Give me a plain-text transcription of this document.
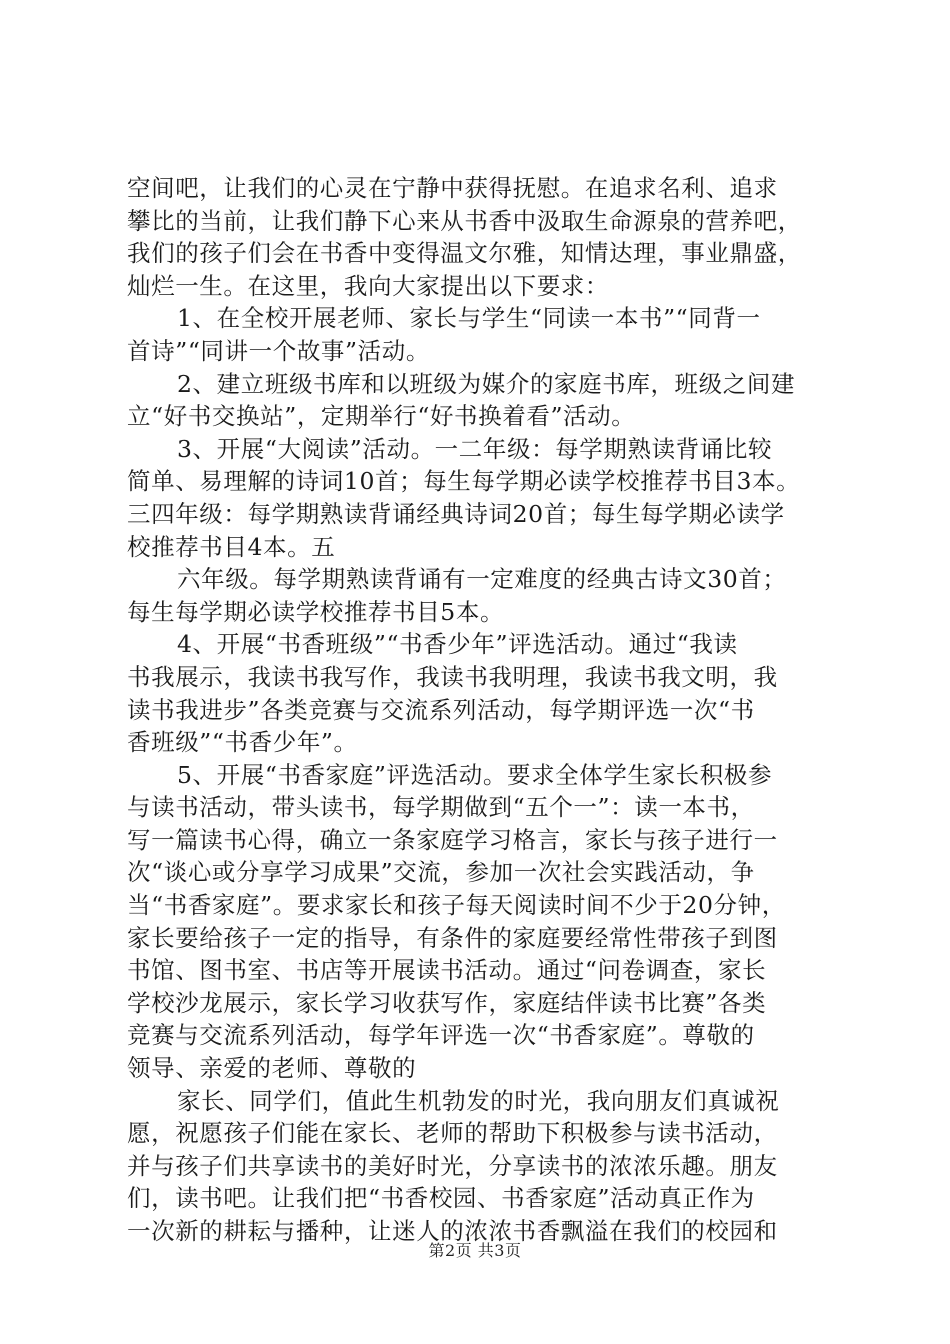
空间吧，让我们的心灵在宁静中获得抚慰。在追求名利、追求
攀比的当前，让我们静下心来从书香中汲取生命源泉的营养吧，
我们的孩子们会在书香中变得温文尔雅，知情达理，事业鼎盛，
灿烂一生。在这里，我向大家提出以下要求：
1、在全校开展老师、家长与学生“同读一本书”“同背一
首诗”“同讲一个故事”活动。
2、建立班级书库和以班级为媒介的家庭书库，班级之间建
立“好书交换站”，定期举行“好书换着看”活动。
3、开展“大阅读”活动。一二年级：每学期熟读背诵比较
简单、易理解的诗词10首；每生每学期必读学校推荐书目3本。
三四年级：每学期熟读背诵经典诗词20首；每生每学期必读学
校推荐书目4本。五
六年级。每学期熟读背诵有一定难度的经典古诗文30首；
每生每学期必读学校推荐书目5本。
4、开展“书香班级”“书香少年”评选活动。通过“我读
书我展示，我读书我写作，我读书我明理，我读书我文明，我
读书我进步”各类竞赛与交流系列活动，每学期评选一次“书
香班级”“书香少年”。
5、开展“书香家庭”评选活动。要求全体学生家长积极参
与读书活动，带头读书，每学期做到“五个一”：读一本书，
写一篇读书心得，确立一条家庭学习格言，家长与孩子进行一
次“谈心或分享学习成果”交流，参加一次社会实践活动，争
当“书香家庭”。要求家长和孩子每天阅读时间不少于20分钟，
家长要给孩子一定的指导，有条件的家庭要经常性带孩子到图
书馆、图书室、书店等开展读书活动。通过“问卷调查，家长
学校沙龙展示，家长学习收获写作，家庭结伴读书比赛”各类
竞赛与交流系列活动，每学年评选一次“书香家庭”。尊敬的
领导、亲爱的老师、尊敬的
家长、同学们，值此生机勃发的时光，我向朋友们真诚祝
愿，祝愿孩子们能在家长、老师的帮助下积极参与读书活动，
并与孩子们共享读书的美好时光，分享读书的浓浓乐趣。朋友
们，读书吧。让我们把“书香校园、书香家庭”活动真正作为
一次新的耕耘与播种，让迷人的浓浓书香飘溢在我们的校园和
第2页 共3页
